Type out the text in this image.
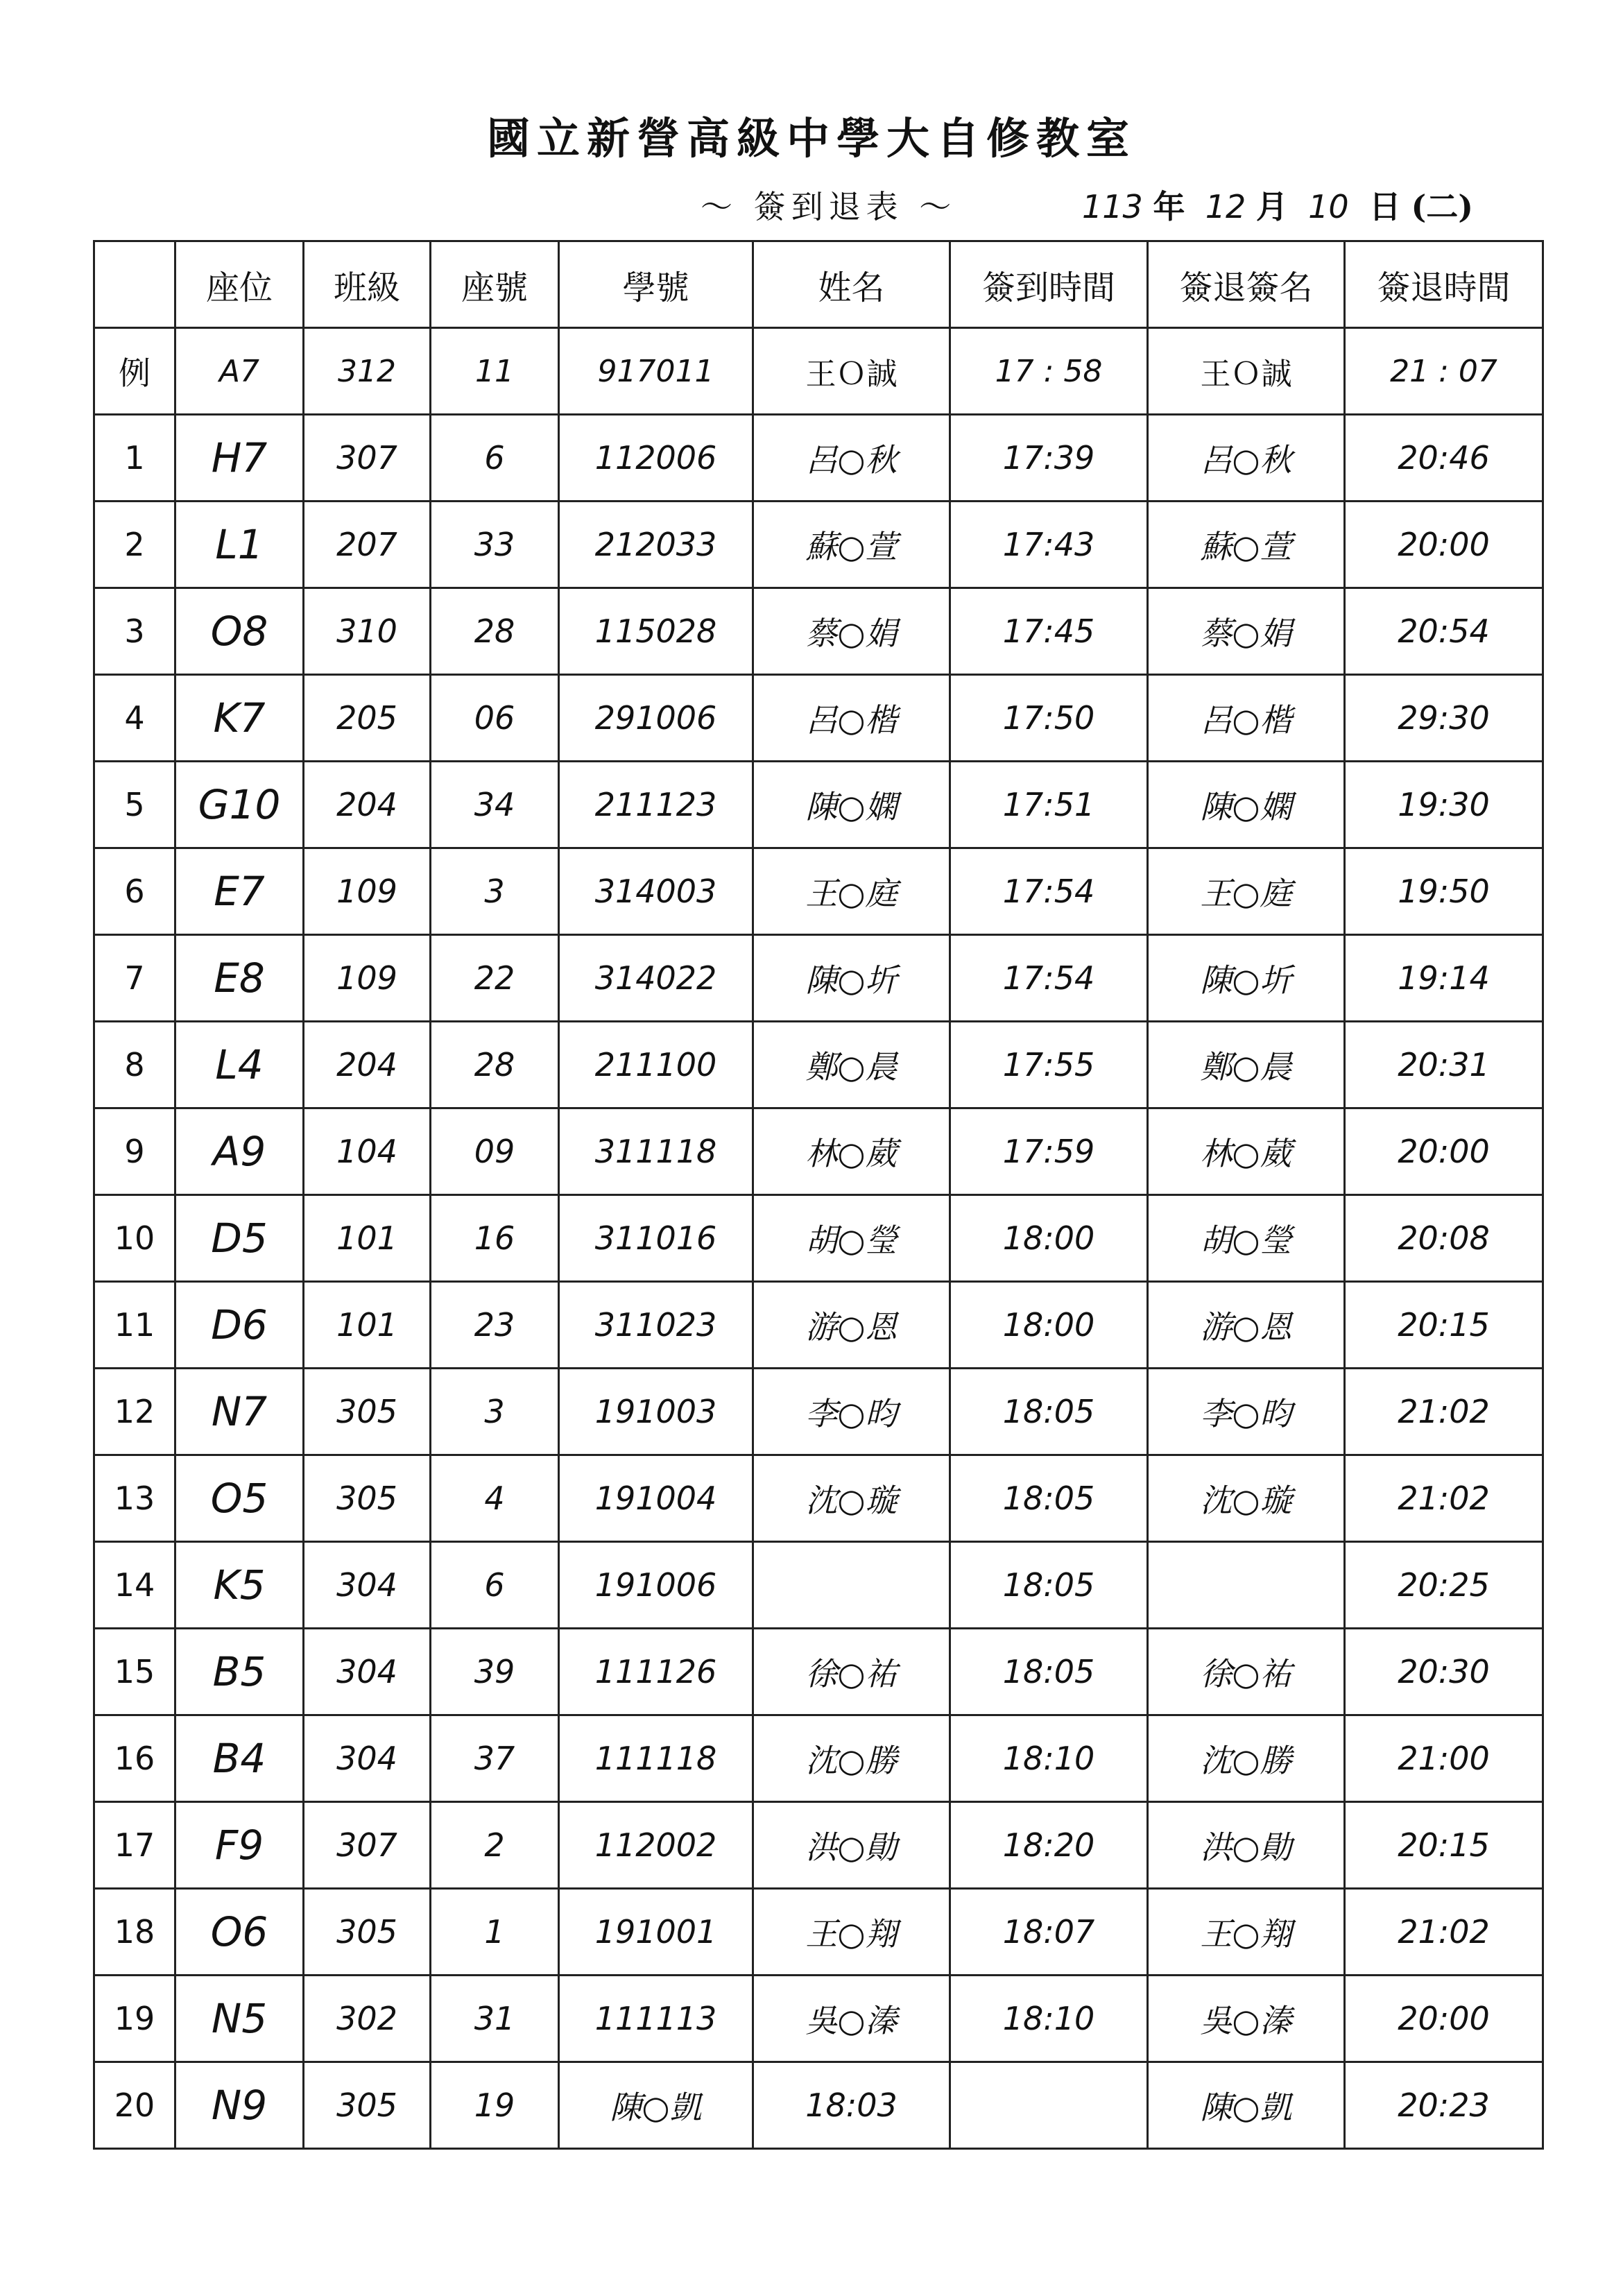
國立新營高級中學大自修教室
～ 簽到退表 ～	113 年 12 月 10 日 (二)
	座位	班級	座號	學號	姓名	簽到時間	簽退簽名	簽退時間
例	A7	312	11	917011	王Ｏ誠	17 : 58	王Ｏ誠	21 : 07
1	H7	307	6	112006	呂○秋	17:39	呂○秋	20:46
2	L1	207	33	212033	蘇○萱	17:43	蘇○萱	20:00
3	O8	310	28	115028	蔡○娟	17:45	蔡○娟	20:54
4	K7	205	06	291006	呂○楷	17:50	呂○楷	29:30
5	G10	204	34	211123	陳○嫻	17:51	陳○嫻	19:30
6	E7	109	3	314003	王○庭	17:54	王○庭	19:50
7	E8	109	22	314022	陳○圻	17:54	陳○圻	19:14
8	L4	204	28	211100	鄭○晨	17:55	鄭○晨	20:31
9	A9	104	09	311118	林○葳	17:59	林○葳	20:00
10	D5	101	16	311016	胡○瑩	18:00	胡○瑩	20:08
11	D6	101	23	311023	游○恩	18:00	游○恩	20:15
12	N7	305	3	191003	李○昀	18:05	李○昀	21:02
13	O5	305	4	191004	沈○璇	18:05	沈○璇	21:02
14	K5	304	6	191006		18:05		20:25
15	B5	304	39	111126	徐○祐	18:05	徐○祐	20:30
16	B4	304	37	111118	沈○勝	18:10	沈○勝	21:00
17	F9	307	2	112002	洪○勛	18:20	洪○勛	20:15
18	O6	305	1	191001	王○翔	18:07	王○翔	21:02
19	N5	302	31	111113	吳○溱	18:10	吳○溱	20:00
20	N9	305	19	陳○凱	18:03		陳○凱	20:23
